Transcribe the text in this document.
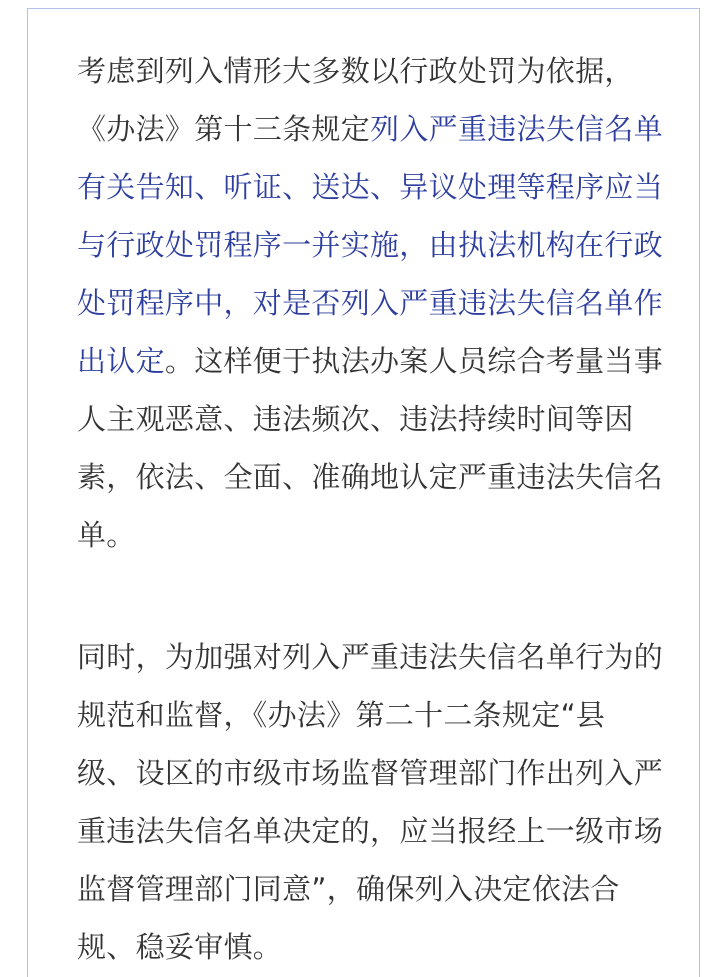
考虑到列入情形大多数以行政处罚为依据，
《办法》第十三条规定列入严重违法失信名单
有关告知、听证、送达、异议处理等程序应当
与行政处罚程序一并实施，由执法机构在行政
处罚程序中，对是否列入严重违法失信名单作
出认定。这样便于执法办案人员综合考量当事
人主观恶意、违法频次、违法持续时间等因
素，依法、全面、准确地认定严重违法失信名
单。

同时，为加强对列入严重违法失信名单行为的
规范和监督，《办法》第二十二条规定“县
级、设区的市级市场监督管理部门作出列入严
重违法失信名单决定的，应当报经上一级市场
监督管理部门同意”，确保列入决定依法合
规、稳妥审慎。
